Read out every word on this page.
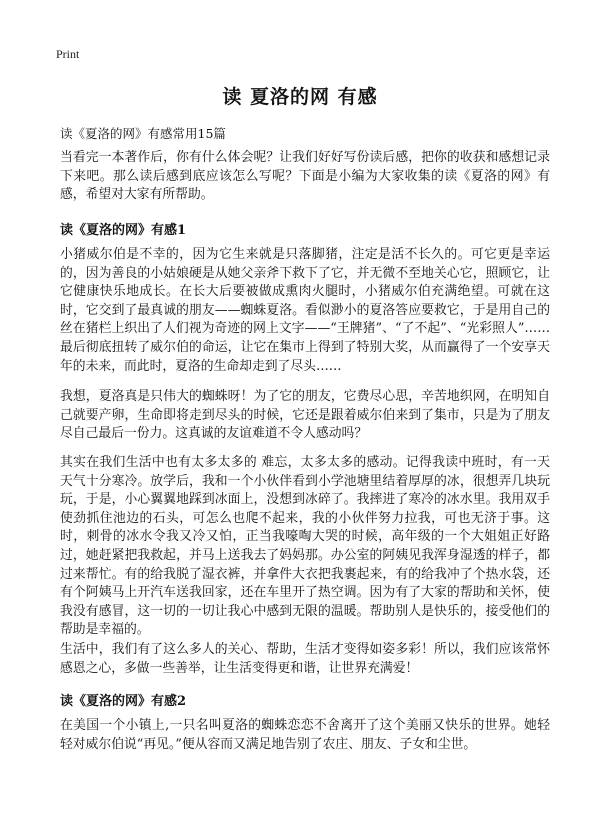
Print
读 夏洛的网 有感
读《夏洛的网》有感常用15篇
当看完一本著作后，你有什么体会呢？让我们好好写份读后感，把你的收获和感想记录下来吧。那么读后感到底应该怎么写呢？下面是小编为大家收集的读《夏洛的网》有感，希望对大家有所帮助。
读《夏洛的网》有感1
小猪威尔伯是不幸的，因为它生来就是只落脚猪，注定是活不长久的。可它更是幸运的，因为善良的小姑娘硬是从她父亲斧下救下了它，并无微不至地关心它，照顾它，让它健康快乐地成长。在长大后要被做成熏肉火腿时，小猪威尔伯充满绝望。可就在这时，它交到了最真诚的朋友——蜘蛛夏洛。看似渺小的夏洛答应要救它，于是用自己的丝在猪栏上织出了人们视为奇迹的网上文字——“王牌猪”、“了不起”、“光彩照人”……最后彻底扭转了威尔伯的命运，让它在集市上得到了特别大奖，从而赢得了一个安享天年的未来，而此时，夏洛的生命却走到了尽头……
我想，夏洛真是只伟大的蜘蛛呀！为了它的朋友，它费尽心思，辛苦地织网，在明知自己就要产卵，生命即将走到尽头的时候，它还是跟着威尔伯来到了集市，只是为了朋友尽自己最后一份力。这真诚的友谊难道不令人感动吗？
其实在我们生活中也有太多太多的 难忘，太多太多的感动。记得我读中班时，有一天天气十分寒冷。放学后，我和一个小伙伴看到小学池塘里结着厚厚的冰，很想弄几块玩玩，于是，小心翼翼地踩到冰面上，没想到冰碎了。我摔进了寒冷的冰水里。我用双手使劲抓住池边的石头，可怎么也爬不起来，我的小伙伴努力拉我，可也无济于事。这时，刺骨的冰水令我又冷又怕，正当我嚎啕大哭的时候，高年级的一个大姐姐正好路过，她赶紧把我救起，并马上送我去了妈妈那。办公室的阿姨见我浑身湿透的样子，都过来帮忙。有的给我脱了湿衣裤，并拿件大衣把我裹起来，有的给我冲了个热水袋，还有个阿姨马上开汽车送我回家，还在车里开了热空调。因为有了大家的帮助和关怀，使我没有感冒，这一切的一切让我心中感到无限的温暖。帮助别人是快乐的，接受他们的帮助是幸福的。
生活中，我们有了这么多人的关心、帮助，生活才变得如姿多彩！所以，我们应该常怀感恩之心，多做一些善举，让生活变得更和谐，让世界充满爱！
读《夏洛的网》有感2
在美国一个小镇上,一只名叫夏洛的蜘蛛恋恋不舍离开了这个美丽又快乐的世界。她轻轻对威尔伯说“再见。”便从容而又满足地告别了农庄、朋友、子女和尘世。
